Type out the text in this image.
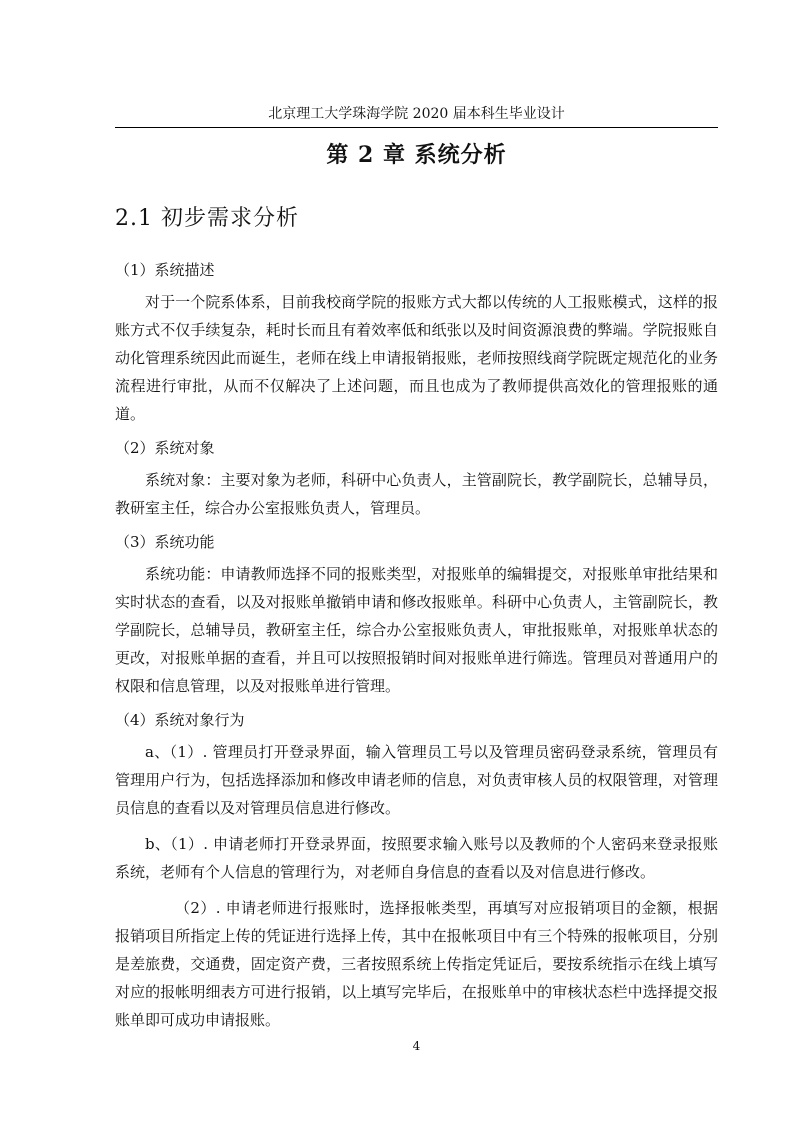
北京理工大学珠海学院 2020 届本科生毕业设计
第 2 章 系统分析
2.1 初步需求分析
（1）系统描述

对于一个院系体系，目前我校商学院的报账方式大都以传统的人工报账模式，这样的报账方式不仅手续复杂，耗时长而且有着效率低和纸张以及时间资源浪费的弊端。学院报账自动化管理系统因此而诞生，老师在线上申请报销报账，老师按照线商学院既定规范化的业务流程进行审批，从而不仅解决了上述问题，而且也成为了教师提供高效化的管理报账的通道。

（2）系统对象

系统对象：主要对象为老师，科研中心负责人，主管副院长，教学副院长，总辅导员，教研室主任，综合办公室报账负责人，管理员。

（3）系统功能

系统功能：申请教师选择不同的报账类型，对报账单的编辑提交，对报账单审批结果和实时状态的查看，以及对报账单撤销申请和修改报账单。科研中心负责人，主管副院长，教学副院长，总辅导员，教研室主任，综合办公室报账负责人，审批报账单，对报账单状态的更改，对报账单据的查看，并且可以按照报销时间对报账单进行筛选。管理员对普通用户的权限和信息管理，以及对报账单进行管理。

（4）系统对象行为

a、（1）. 管理员打开登录界面，输入管理员工号以及管理员密码登录系统，管理员有管理用户行为，包括选择添加和修改申请老师的信息，对负责审核人员的权限管理，对管理员信息的查看以及对管理员信息进行修改。

b、（1）. 申请老师打开登录界面，按照要求输入账号以及教师的个人密码来登录报账系统，老师有个人信息的管理行为，对老师自身信息的查看以及对信息进行修改。

（2）. 申请老师进行报账时，选择报帐类型，再填写对应报销项目的金额，根据报销项目所指定上传的凭证进行选择上传，其中在报帐项目中有三个特殊的报帐项目，分别是差旅费，交通费，固定资产费，三者按照系统上传指定凭证后，要按系统指示在线上填写对应的报帐明细表方可进行报销，以上填写完毕后，在报账单中的审核状态栏中选择提交报账单即可成功申请报账。

4
